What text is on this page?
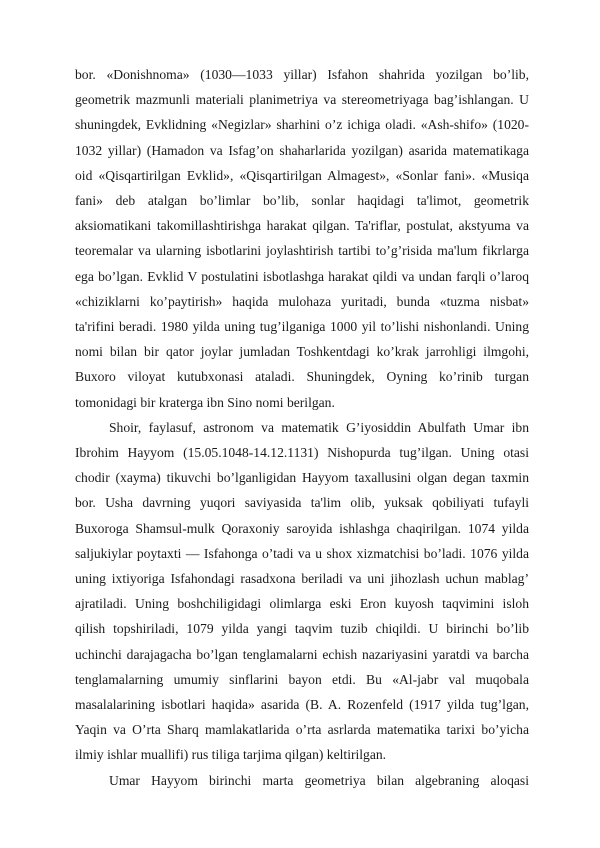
bor. «Donishnoma» (1030—1033 yillar) Isfahon shahrida yozilgan bo’lib,
geometrik mazmunli materiali planimetriya va stereometriyaga bag’ishlangan. U
shuningdek, Evklidning «Negizlar» sharhini o’z ichiga oladi. «Ash-shifo» (1020-
1032 yillar) (Hamadon va Isfag’on shaharlarida yozilgan) asarida matematikaga
oid «Qisqartirilgan Evklid», «Qisqartirilgan Almagest», «Sonlar fani». «Musiqa
fani» deb atalgan bo’limlar bo’lib, sonlar haqidagi ta'limot, geometrik
aksiomatikani takomillashtirishga harakat qilgan. Ta'riflar, postulat, akstyuma va
teoremalar va ularning isbotlarini joylashtirish tartibi to’g’risida ma'lum fikrlarga
ega bo’lgan. Evklid V postulatini isbotlashga harakat qildi va undan farqli o’laroq
«chiziklarni ko’paytirish» haqida mulohaza yuritadi, bunda «tuzma nisbat»
ta'rifini beradi. 1980 yilda uning tug’ilganiga 1000 yil to’lishi nishonlandi. Uning
nomi bilan bir qator joylar jumladan Toshkentdagi ko’krak jarrohligi ilmgohi,
Buxoro viloyat kutubxonasi ataladi. Shuningdek, Oyning ko’rinib turgan
tomonidagi bir kraterga ibn Sino nomi berilgan.

Shoir, faylasuf, astronom va matematik G’iyosiddin Abulfath Umar ibn
Ibrohim Hayyom (15.05.1048-14.12.1131) Nishopurda tug’ilgan. Uning otasi
chodir (xayma) tikuvchi bo’lganligidan Hayyom taxallusini olgan degan taxmin
bor. Usha davrning yuqori saviyasida ta'lim olib, yuksak qobiliyati tufayli
Buxoroga Shamsul-mulk Qoraxoniy saroyida ishlashga chaqirilgan. 1074 yilda
saljukiylar poytaxti — Isfahonga o’tadi va u shox xizmatchisi bo’ladi. 1076 yilda
uning ixtiyoriga Isfahondagi rasadxona beriladi va uni jihozlash uchun mablag’
ajratiladi. Uning boshchiligidagi olimlarga eski Eron kuyosh taqvimini isloh
qilish topshiriladi, 1079 yilda yangi taqvim tuzib chiqildi. U birinchi bo’lib
uchinchi darajagacha bo’lgan tenglamalarni echish nazariyasini yaratdi va barcha
tenglamalarning umumiy sinflarini bayon etdi. Bu «Al-jabr val muqobala
masalalarining isbotlari haqida» asarida (B. A. Rozenfeld (1917 yilda tug’lgan,
Yaqin va O’rta Sharq mamlakatlarida o’rta asrlarda matematika tarixi bo’yicha
ilmiy ishlar muallifi) rus tiliga tarjima qilgan) keltirilgan.

Umar Hayyom birinchi marta geometriya bilan algebraning aloqasi
